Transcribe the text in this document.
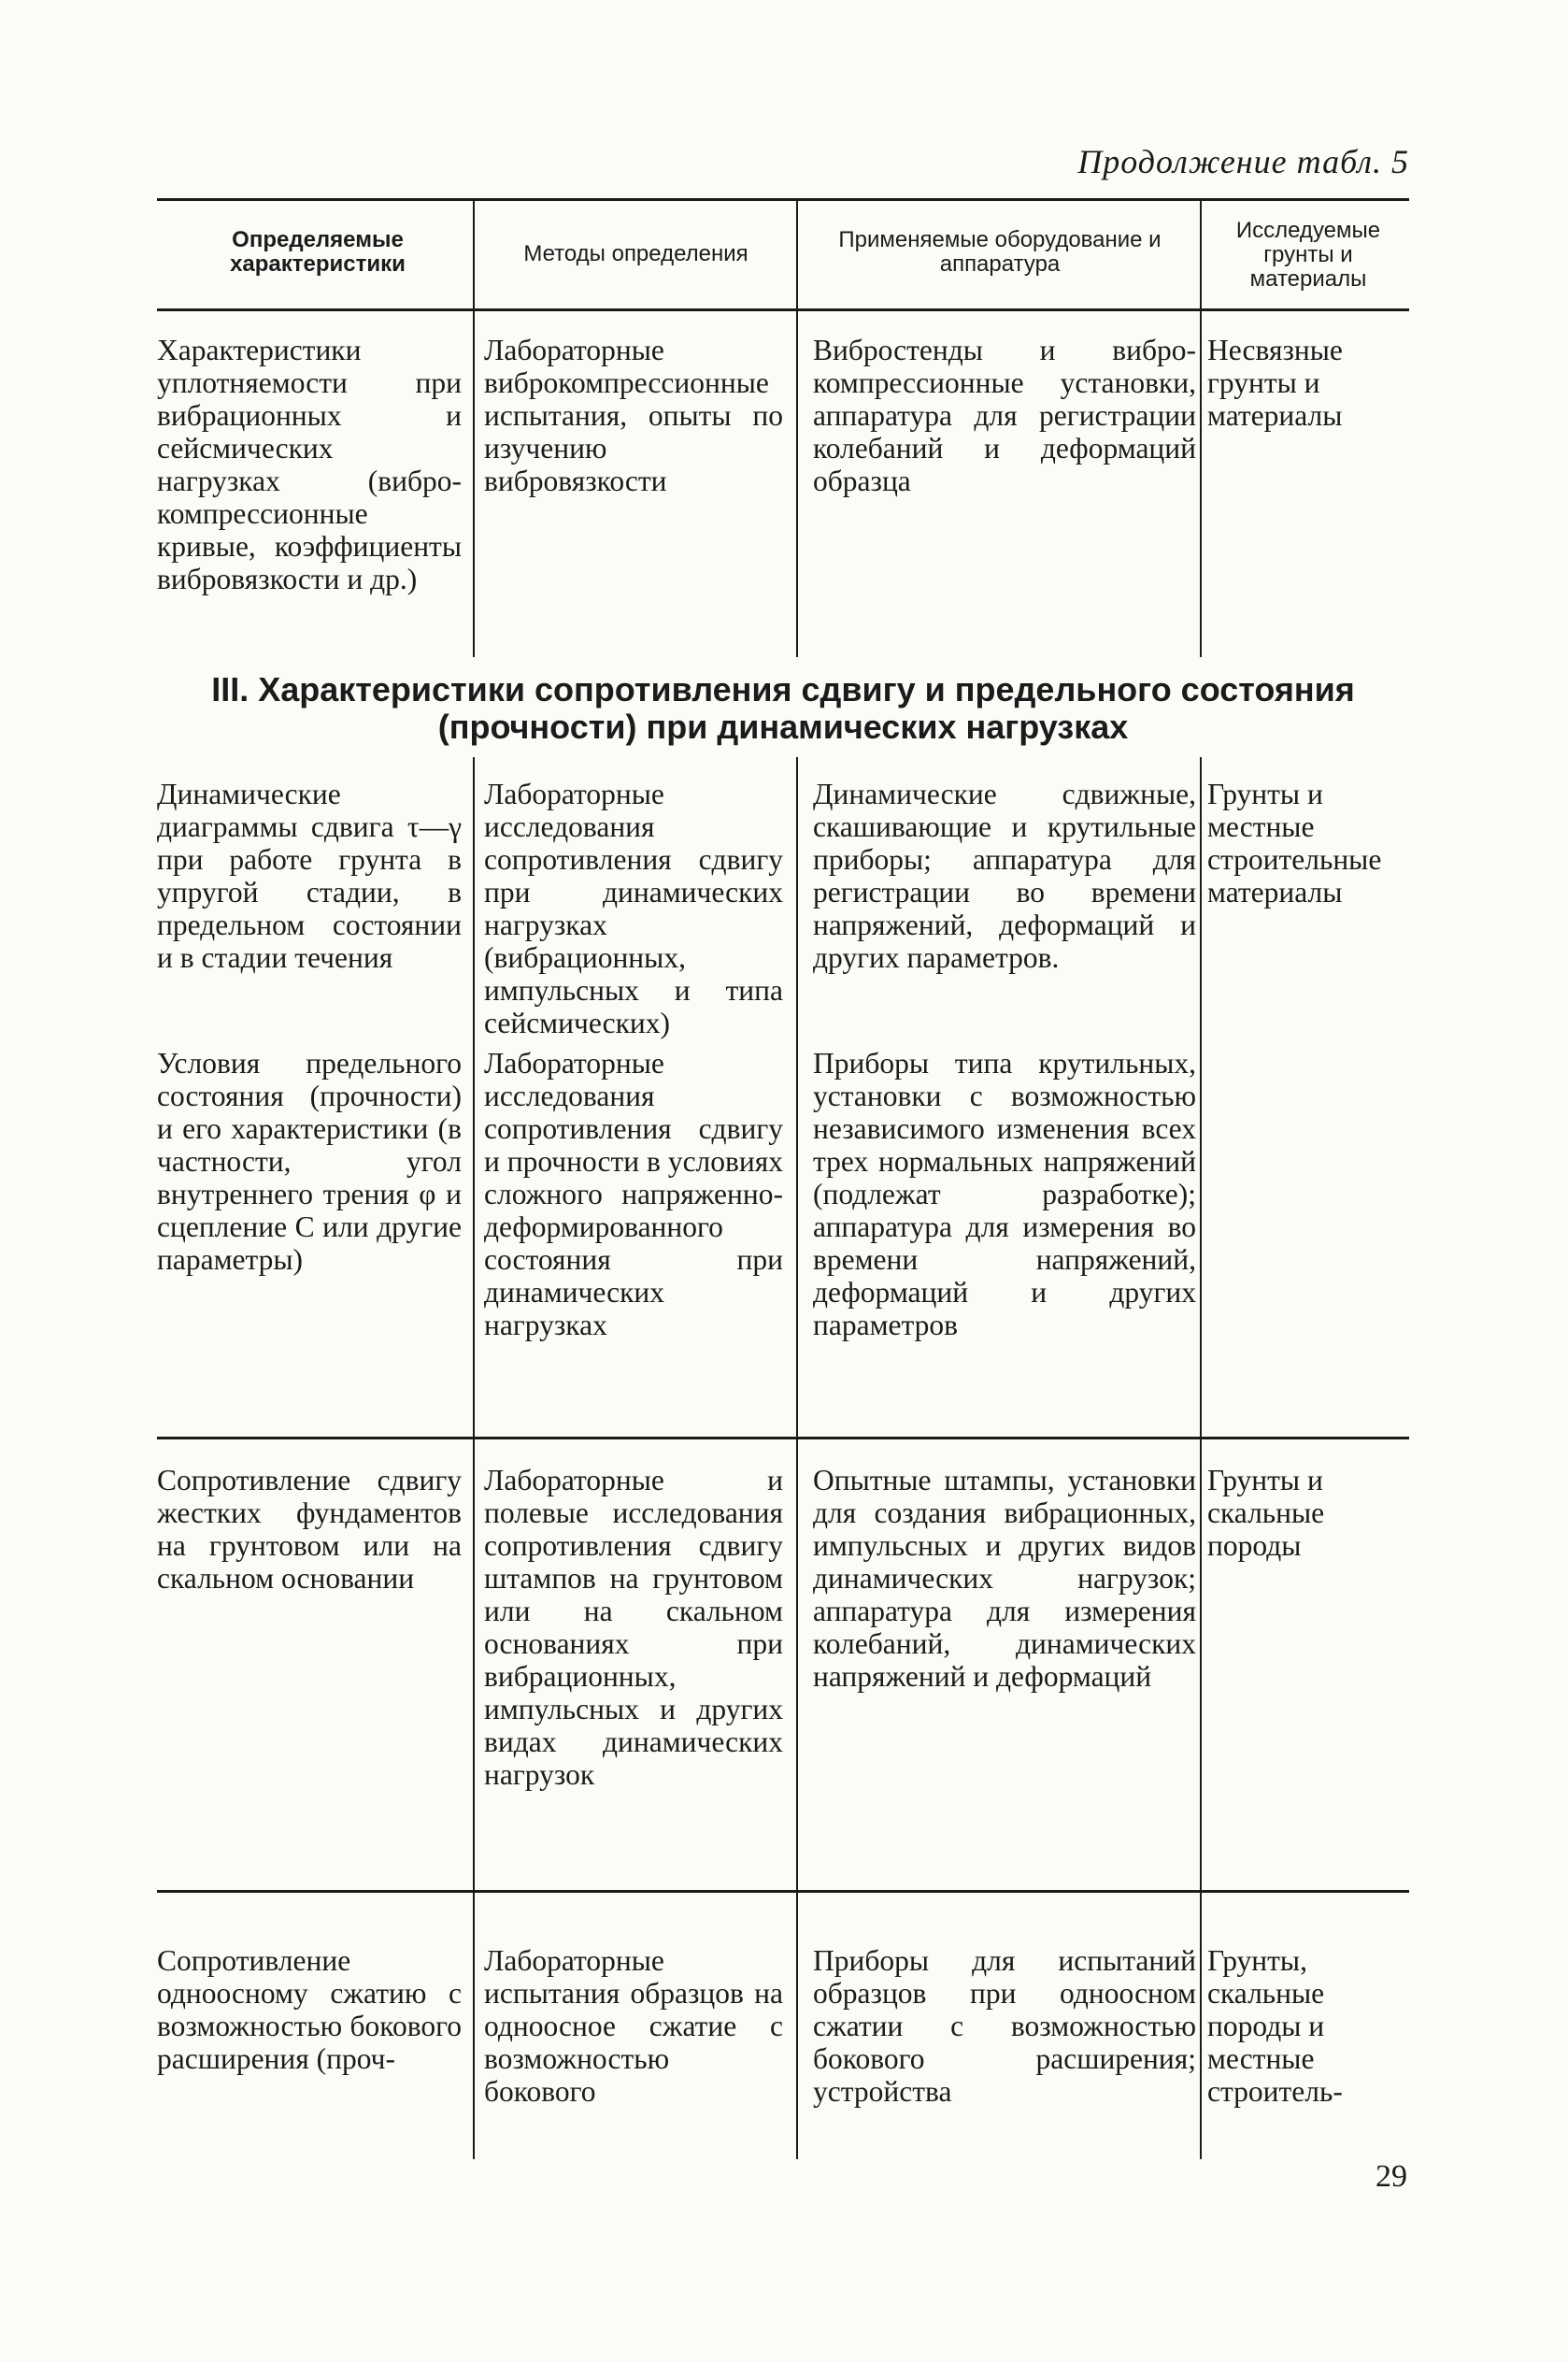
Продолжение табл. 5

Определяемые характеристики	Методы определения
Применяемые оборудование и аппаратура
Исследуемые грунты и материалы
Характеристики уплотняемости при вибрационных и сейсмических нагрузках (вибро-компрессионные кривые, коэффициенты вибровязкости и др.)
Лабораторные виброкомпрессионные испытания, опыты по изучению вибровязкости
Вибростенды и вибро-компрессионные установки, аппаратура для регистрации колебаний и деформаций образца
Несвязные грунты и материалы
III. Характеристики сопротивления сдвигу и предельного состояния (прочности) при динамических нагрузках
Динамические диаграммы сдвига τ—γ при работе грунта в упругой стадии, в предельном состоянии и в стадии течения
Лабораторные исследования сопротивления сдвигу при динамических нагрузках (вибрационных, импульсных и типа сейсмических)
Динамические сдвижные, скашивающие и крутильные приборы; аппаратура для регистрации во времени напряжений, деформаций и других параметров.
Грунты и местные строительные материалы
Условия предельного состояния (прочности) и его характеристики (в частности, угол внутреннего трения φ и сцепление C или другие параметры)
Лабораторные исследования сопротивления сдвигу и прочности в условиях сложного напряженно-деформированного состояния при динамических нагрузках
Приборы типа крутильных, установки с возможностью независимого изменения всех трех нормальных напряжений (подлежат разработке); аппаратура для измерения во времени напряжений, деформаций и других параметров
Сопротивление сдвигу жестких фундаментов на грунтовом или на скальном основании
Лабораторные и полевые исследования сопротивления сдвигу штампов на грунтовом или на скальном основаниях при вибрационных, импульсных и других видах динамических нагрузок
Опытные штампы, установки для создания вибрационных, импульсных и других видов динамических нагрузок; аппаратура для измерения колебаний, динамических напряжений и деформаций
Грунты и скальные породы
Сопротивление одноосному сжатию с возможностью бокового расширения (проч-
Лабораторные испытания образцов на одноосное сжатие с возможностью бокового
Приборы для испытаний образцов при одноосном сжатии с возможностью бокового расширения; устройства
Грунты, скальные породы и местные строитель-

29
